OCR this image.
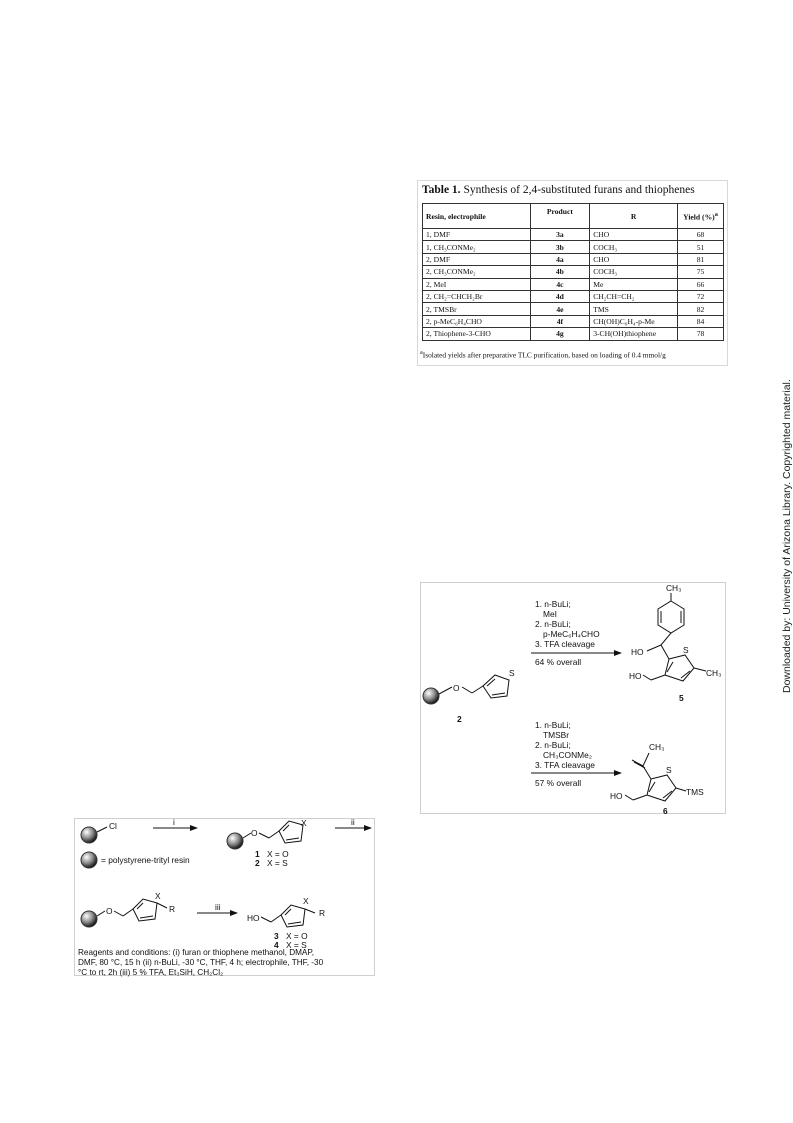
Table 1. Synthesis of 2,4-substituted furans and thiophenes
Resin, electrophile	Product	R	Yield (%)$^a$
1, DMF	3a	CHO	68
1, CH₃CONMe₂	3b	COCH₃	51
2, DMF	4a	CHO	81
2, CH₃CONMe₂	4b	COCH₃	75
2, MeI	4c	Me	66
2, CH₂=CHCH₂Br	4d	CH₂CH=CH₂	72
2, TMSBr	4e	TMS	82
2, p-MeC₆H₄CHO	4f	CH(OH)C₆H₄-p-Me	84
2, Thiophene-3-CHO	4g	3-CH(OH)thiophene	78
$^a$Isolated yields after preparative TLC purification, based on loading of 0.4 mmol/g
Downloaded by: University of Arizona Library. Copyrighted material.
O
S
2
1. n-BuLi;
MeI
2. n-BuLi;
p-MeC₆H₄CHO
3. TFA cleavage
64 % overall
CH₃
HO	S
HO	CH₃
5
1. n-BuLi;
TMSBr
2. n-BuLi;
CH₃CONMe₂
3. TFA cleavage
57 % overall
CH₃
S
HO	TMS
6
Cl	i
O
X	ii
= polystyrene-trityl resin
1 X = O
2 X = S
O
X
R	iii
HO
X
R
3 X = O
4 X = S
Reagents and conditions: (i) furan or thiophene methanol, DMAP,
DMF, 80 °C, 15 h (ii) n-BuLi, -30 °C, THF, 4 h; electrophile, THF, -30
°C to rt, 2h (iii) 5 % TFA, Et₃SiH, CH₂Cl₂
